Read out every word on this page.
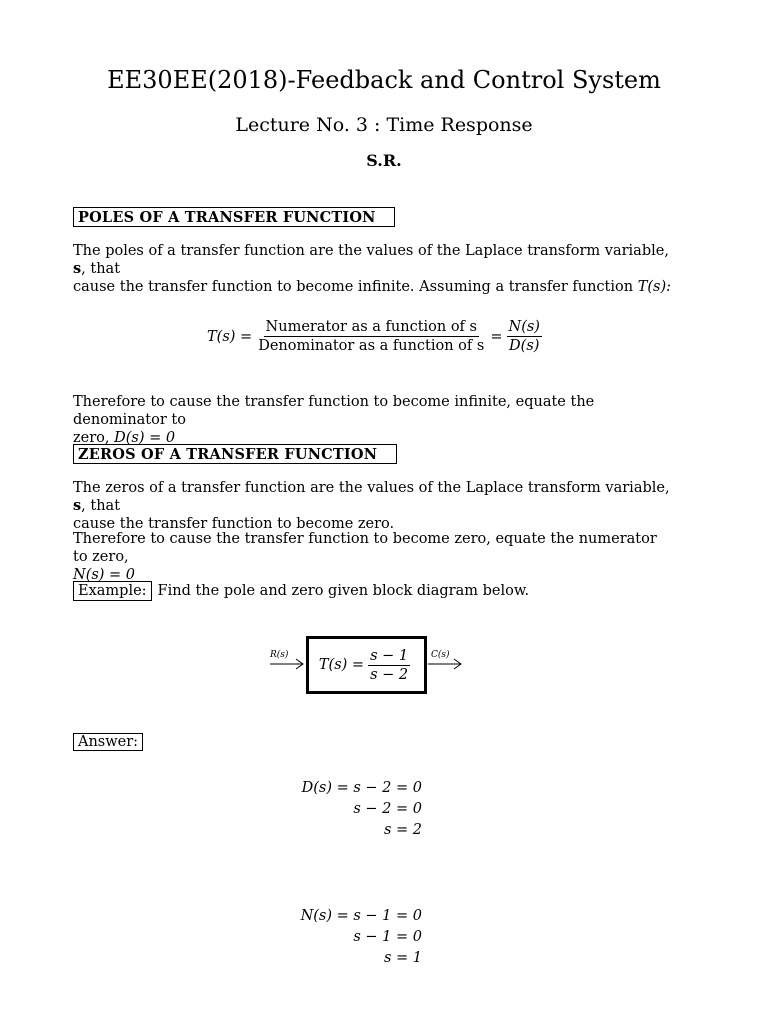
EE30EE(2018)-Feedback and Control System
Lecture No. 3 : Time Response
S.R.
POLES OF A TRANSFER FUNCTION
The poles of a transfer function are the values of the Laplace transform variable, s, that
cause the transfer function to become infinite. Assuming a transfer function T(s):
$T(s) = \frac{\text{Numerator as a function of s}}{\text{Denominator as a function of s}} = \frac{N(s)}{D(s)}$
Therefore to cause the transfer function to become infinite, equate the denominator to
zero, D(s) = 0
ZEROS OF A TRANSFER FUNCTION
The zeros of a transfer function are the values of the Laplace transform variable, s, that
cause the transfer function to become zero.
Therefore to cause the transfer function to become zero, equate the numerator to zero,
N(s) = 0
Example: Find the pole and zero given block diagram below.
R(s)
$T(s) = \frac{s - 1}{s - 2} C(s)$
Answer:
D(s) = s − 2 = 0
s − 2 = 0
s = 2
N(s) = s − 1 = 0
s − 1 = 0
s = 1
